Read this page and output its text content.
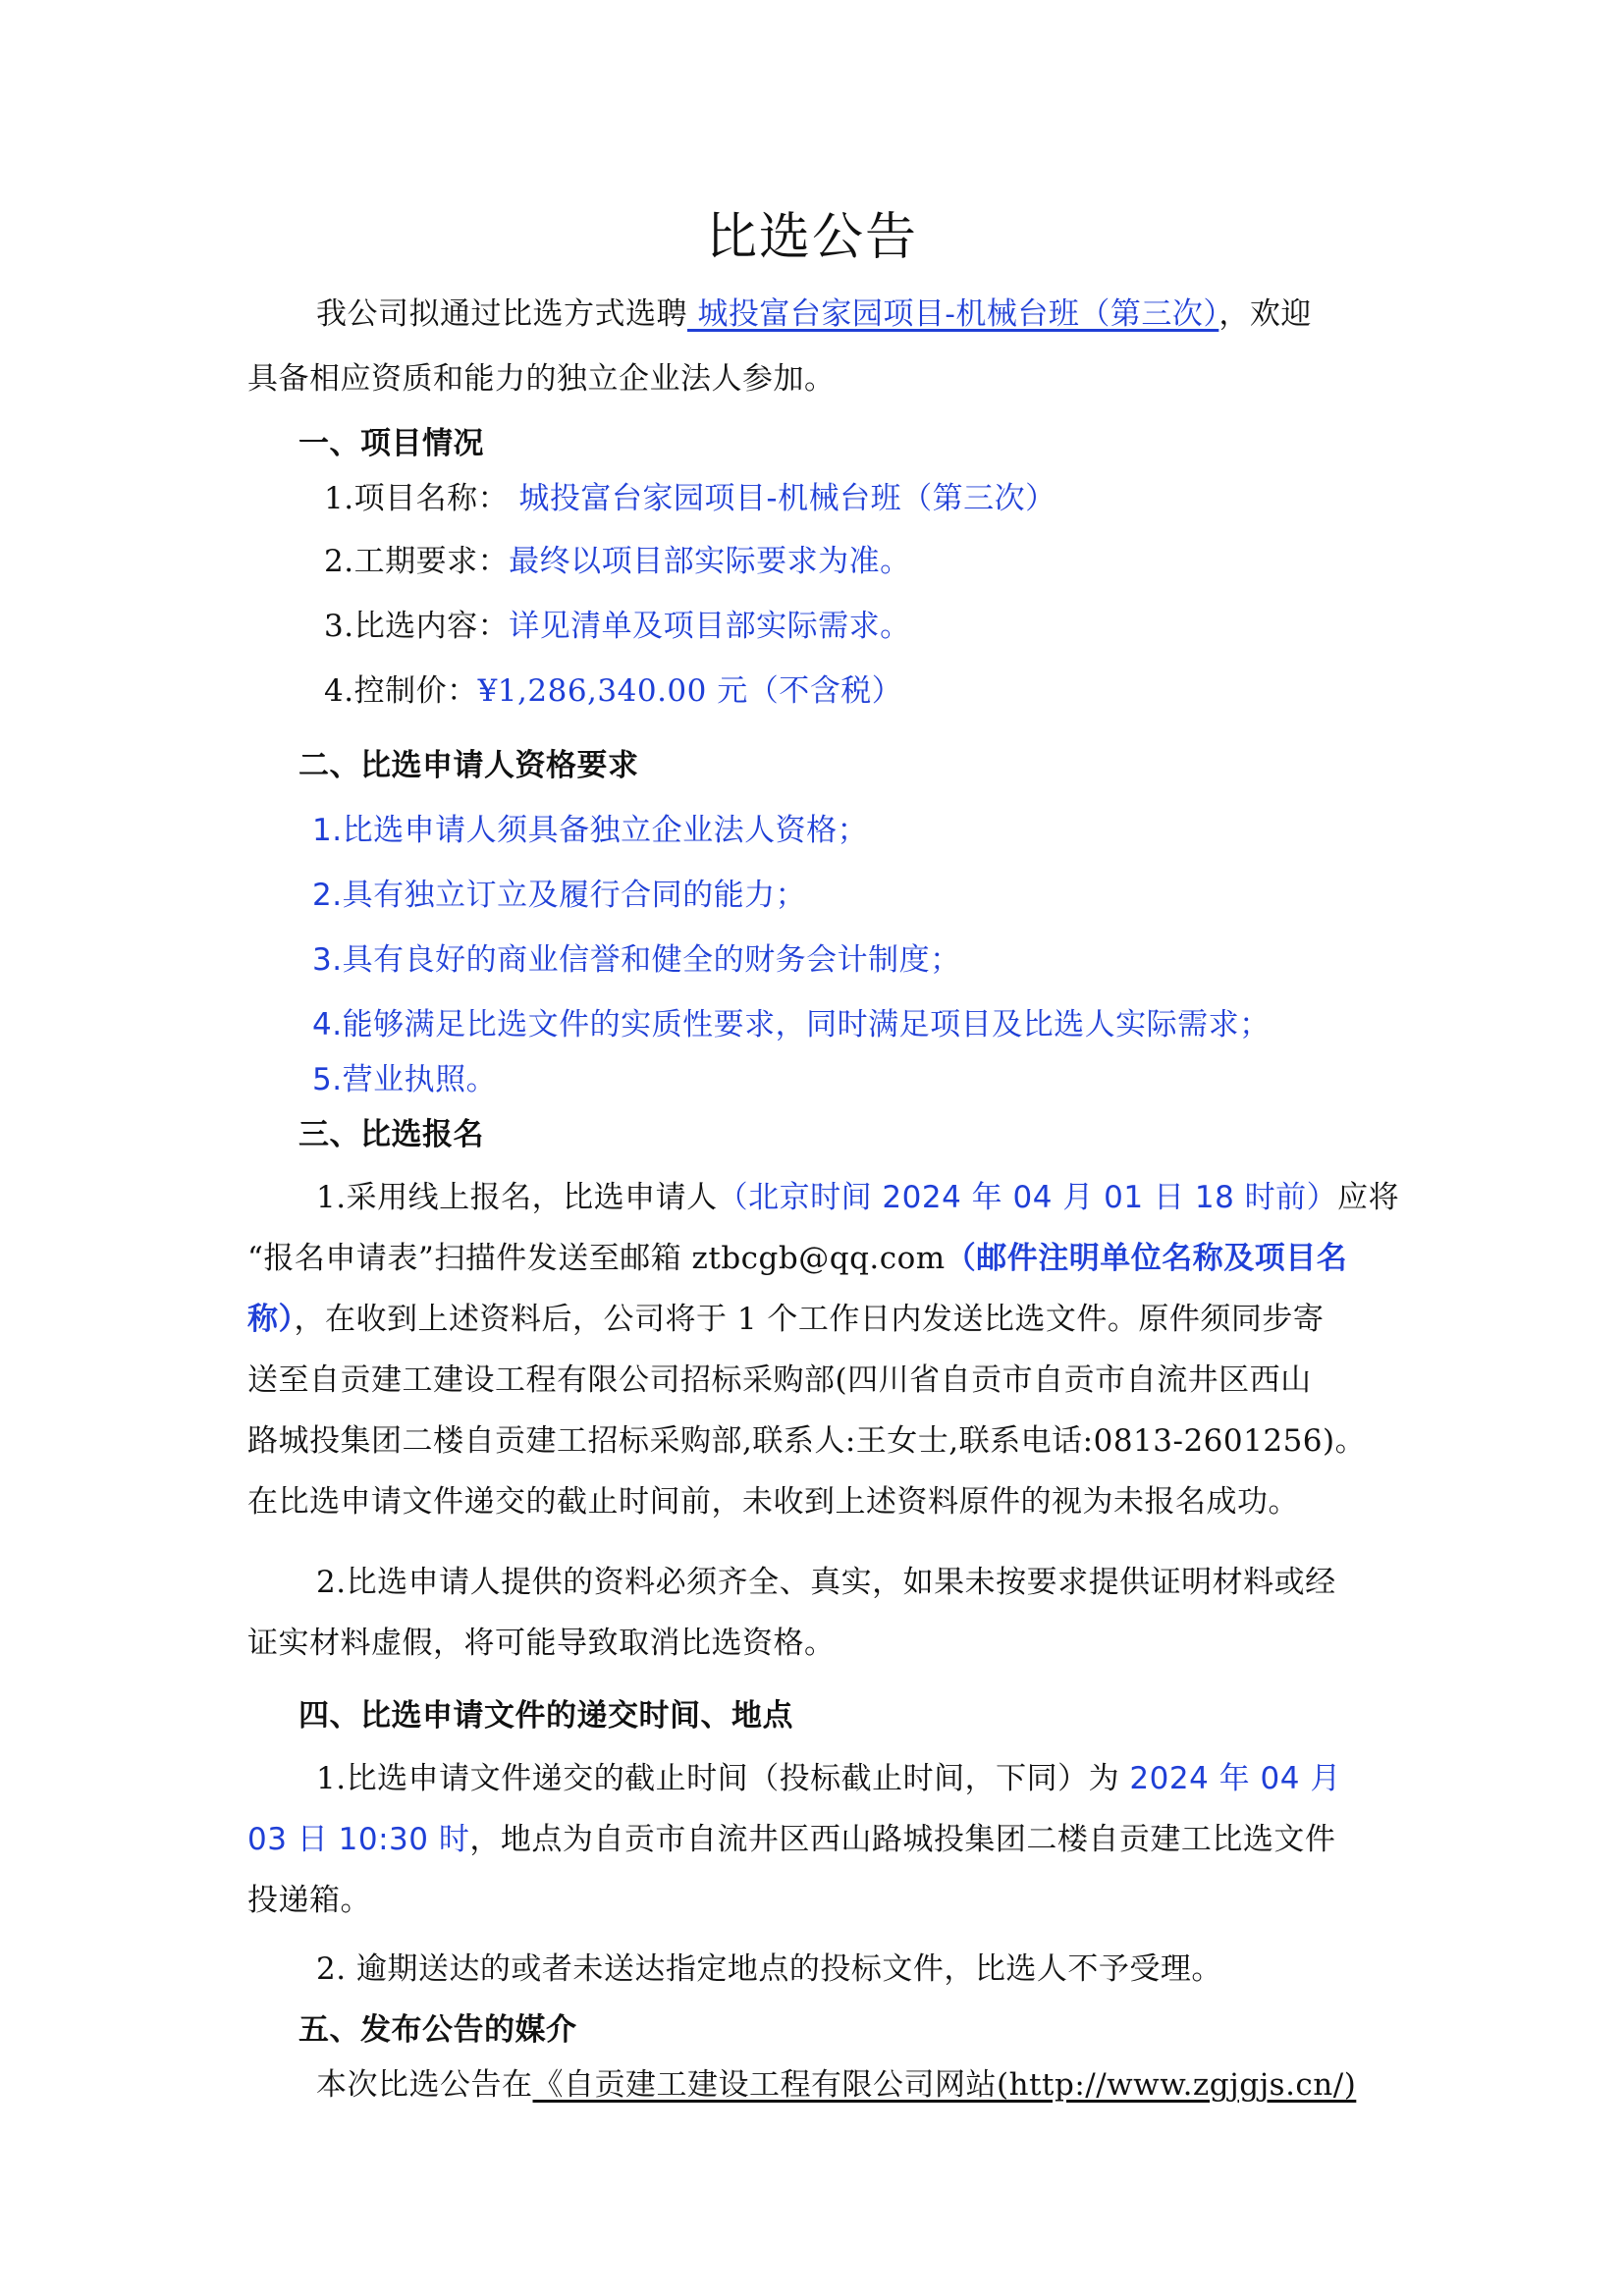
比选公告
我公司拟通过比选方式选聘 城投富台家园项目-机械台班（第三次），欢迎
具备相应资质和能力的独立企业法人参加。
一、项目情况
1.项目名称： 城投富台家园项目-机械台班（第三次）
2.工期要求：最终以项目部实际要求为准。
3.比选内容：详见清单及项目部实际需求。
4.控制价：¥1,286,340.00 元（不含税）
二、比选申请人资格要求
1.比选申请人须具备独立企业法人资格；
2.具有独立订立及履行合同的能力；
3.具有良好的商业信誉和健全的财务会计制度；
4.能够满足比选文件的实质性要求，同时满足项目及比选人实际需求；
5.营业执照。
三、比选报名
1.采用线上报名，比选申请人（北京时间 2024 年 04 月 01 日 18 时前）应将
“报名申请表”扫描件发送至邮箱 ztbcgb@qq.com（邮件注明单位名称及项目名
称），在收到上述资料后，公司将于 1 个工作日内发送比选文件。原件须同步寄
送至自贡建工建设工程有限公司招标采购部(四川省自贡市自贡市自流井区西山
路城投集团二楼自贡建工招标采购部,联系人:王女士,联系电话:0813-2601256)。
在比选申请文件递交的截止时间前，未收到上述资料原件的视为未报名成功。
2.比选申请人提供的资料必须齐全、真实，如果未按要求提供证明材料或经
证实材料虚假，将可能导致取消比选资格。
四、比选申请文件的递交时间、地点
1.比选申请文件递交的截止时间（投标截止时间，下同）为 2024 年 04 月
03 日 10:30 时，地点为自贡市自流井区西山路城投集团二楼自贡建工比选文件
投递箱。
2. 逾期送达的或者未送达指定地点的投标文件，比选人不予受理。
五、发布公告的媒介
本次比选公告在《自贡建工建设工程有限公司网站(http://www.zgjgjs.cn/)
